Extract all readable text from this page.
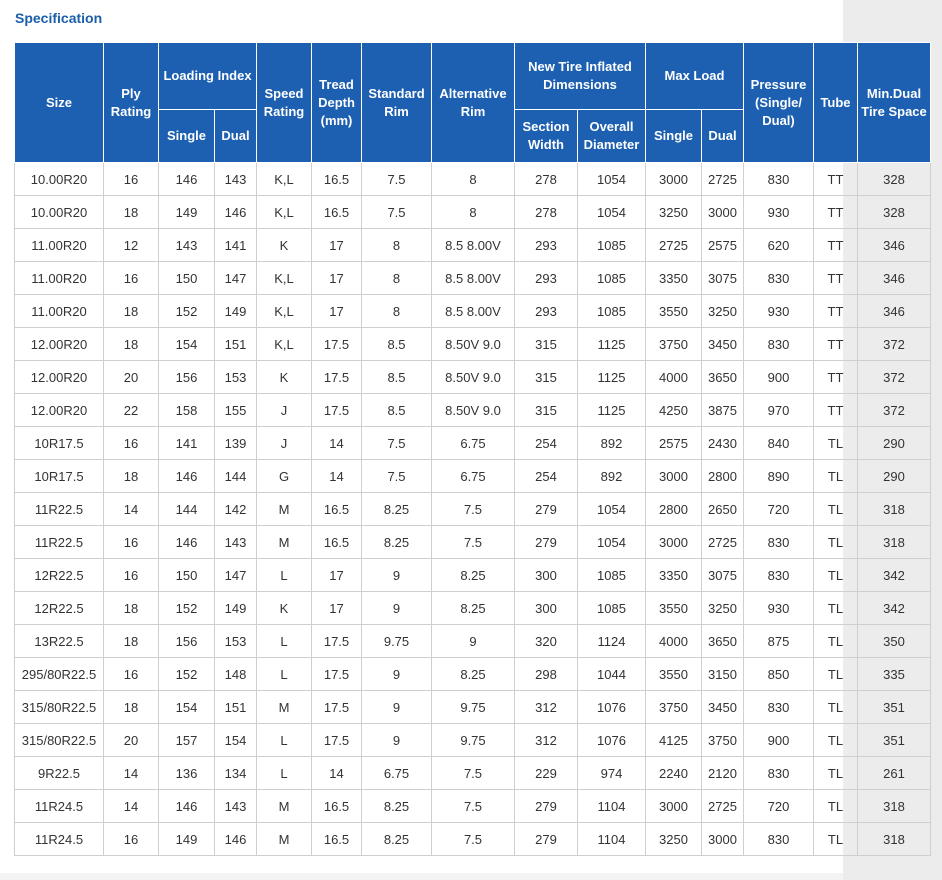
Specification
Size	Ply Rating	Loading Index		Speed Rating	Tread Depth (mm)	Standard Rim	Alternative Rim	New Tire Inflated Dimensions		Max Load		Pressure (Single/ Dual)	Tube	Min.Dual Tire Space
		Single	Dual					Section Width	Overall Diameter	Single	Dual			
10.00R20	16	146	143	K,L	16.5	7.5	8	278	1054	3000	2725	830	TT	328
10.00R20	18	149	146	K,L	16.5	7.5	8	278	1054	3250	3000	930	TT	328
11.00R20	12	143	141	K	17	8	8.5 8.00V	293	1085	2725	2575	620	TT	346
11.00R20	16	150	147	K,L	17	8	8.5 8.00V	293	1085	3350	3075	830	TT	346
11.00R20	18	152	149	K,L	17	8	8.5 8.00V	293	1085	3550	3250	930	TT	346
12.00R20	18	154	151	K,L	17.5	8.5	8.50V 9.0	315	1125	3750	3450	830	TT	372
12.00R20	20	156	153	K	17.5	8.5	8.50V 9.0	315	1125	4000	3650	900	TT	372
12.00R20	22	158	155	J	17.5	8.5	8.50V 9.0	315	1125	4250	3875	970	TT	372
10R17.5	16	141	139	J	14	7.5	6.75	254	892	2575	2430	840	TL	290
10R17.5	18	146	144	G	14	7.5	6.75	254	892	3000	2800	890	TL	290
11R22.5	14	144	142	M	16.5	8.25	7.5	279	1054	2800	2650	720	TL	318
11R22.5	16	146	143	M	16.5	8.25	7.5	279	1054	3000	2725	830	TL	318
12R22.5	16	150	147	L	17	9	8.25	300	1085	3350	3075	830	TL	342
12R22.5	18	152	149	K	17	9	8.25	300	1085	3550	3250	930	TL	342
13R22.5	18	156	153	L	17.5	9.75	9	320	1124	4000	3650	875	TL	350
295/80R22.5	16	152	148	L	17.5	9	8.25	298	1044	3550	3150	850	TL	335
315/80R22.5	18	154	151	M	17.5	9	9.75	312	1076	3750	3450	830	TL	351
315/80R22.5	20	157	154	L	17.5	9	9.75	312	1076	4125	3750	900	TL	351
9R22.5	14	136	134	L	14	6.75	7.5	229	974	2240	2120	830	TL	261
11R24.5	14	146	143	M	16.5	8.25	7.5	279	1104	3000	2725	720	TL	318
11R24.5	16	149	146	M	16.5	8.25	7.5	279	1104	3250	3000	830	TL	318
